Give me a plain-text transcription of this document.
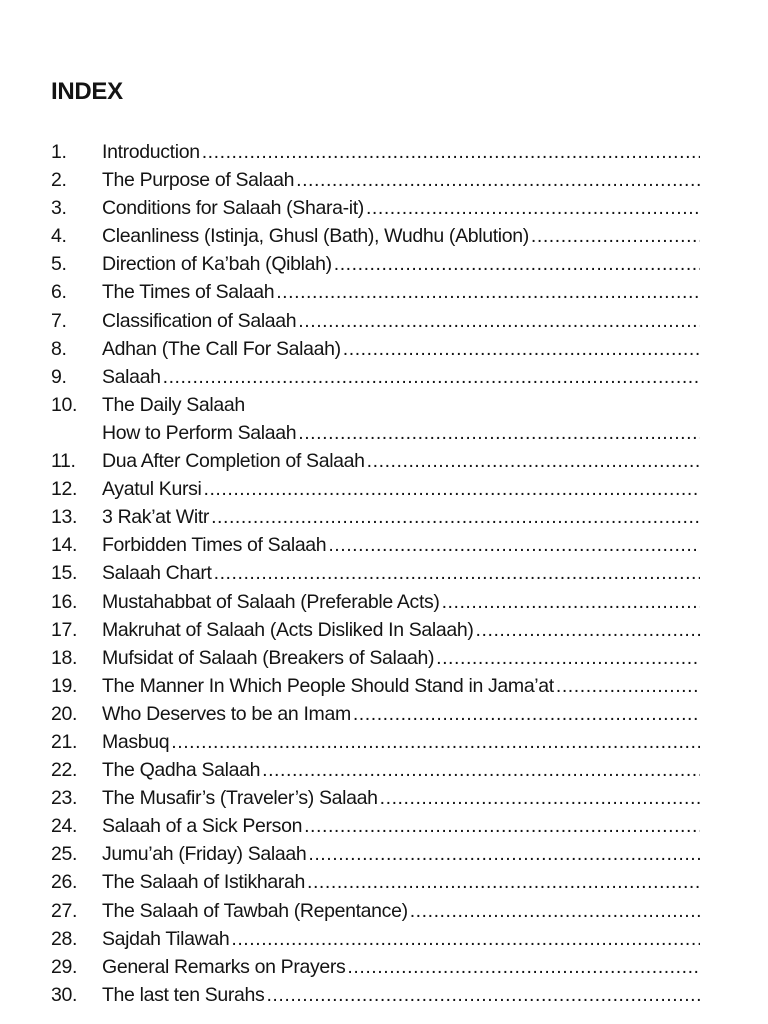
INDEX
1.	Introduction
.....
2.	The Purpose of Salaah
.....
3.	Conditions for Salaah (Shara-it)
.....
4.	Cleanliness (Istinja, Ghusl (Bath), Wudhu (Ablution)
.....
5.	Direction of Ka’bah (Qiblah)
.....
6.	The Times of Salaah
.....
7.	Classification of Salaah
.....
8.	Adhan (The Call For Salaah)
.....
9.	Salaah
.....
10.	The Daily Salaah
How to Perform Salaah
.....
11.	Dua After Completion of Salaah
.....
12.	Ayatul Kursi
.....
13.	3 Rak’at Witr
.....
14.	Forbidden Times of Salaah
.....
15.	Salaah Chart
.....
16.	Mustahabbat of Salaah (Preferable Acts)
.....
17.	Makruhat of Salaah (Acts Disliked In Salaah)
.....
18.	Mufsidat of Salaah (Breakers of Salaah)
.....
19.	The Manner In Which People Should Stand in Jama’at
.....
20.	Who Deserves to be an Imam
.....
21.	Masbuq
.....
22.	The Qadha Salaah
.....
23.	The Musafir’s (Traveler’s) Salaah
.....
24.	Salaah of a Sick Person
.....
25.	Jumu’ah (Friday) Salaah
.....
26.	The Salaah of Istikharah
.....
27.	The Salaah of Tawbah (Repentance)
.....
28.	Sajdah Tilawah
.....
29.	General Remarks on Prayers
.....
30.	The last ten Surahs
.....
